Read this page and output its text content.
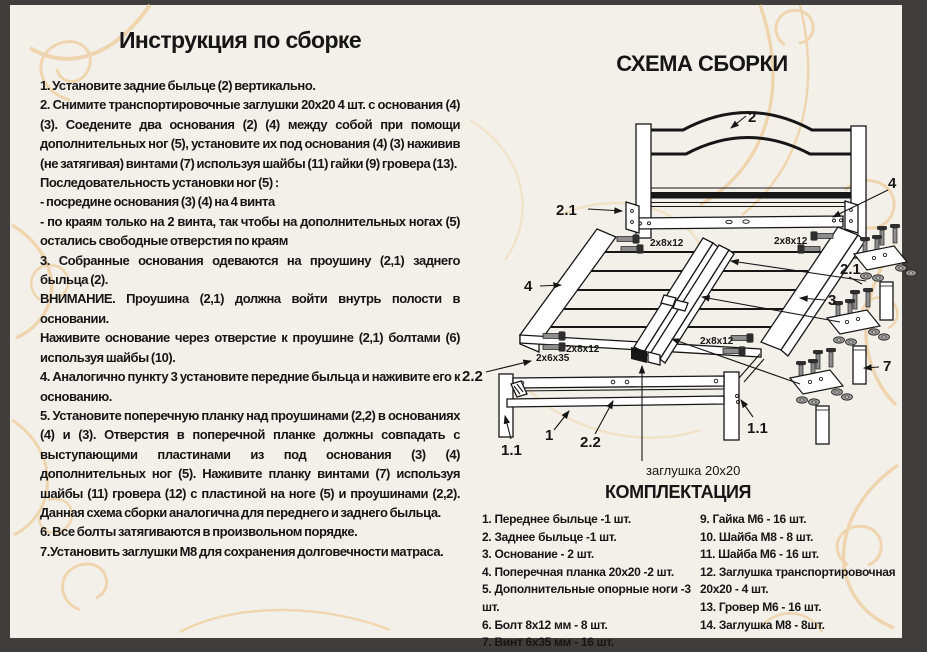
Инструкция по сборке

1. Установите задние быльце (2) вертикально.

2. Снимите транспортировочные заглушки 20х20 4 шт. с основания (4) (3). Соедените два основания (2) (4) между собой при помощи дополнительных ног (5), установите их под основания (4) (3) наживив (не затягивая) винтами (7) используя шайбы (11) гайки (9) гровера (13).

Последовательность установки ног (5) :

- посредине основания (3) (4) на 4 винта

- по краям только на 2 винта, так чтобы на дополнительных ногах (5) остались свободные отверстия по краям

3. Собранные основания одеваются на проушину (2,1) заднего быльца (2).

ВНИМАНИЕ. Проушина (2,1) должна войти внутрь полости в основании.

Наживите основание через отверстие к проушине (2,1) болтами (6) используя шайбы (10).

4. Аналогично пункту 3 установите передние быльца и наживите его к основанию.

5. Установите поперечную планку над проушинами (2,2) в основаниях (4) и (3). Отверстия в поперечной планке должны совпадать с выступающими пластинами из под основания (3) (4) дополнительных ног (5). Наживите планку винтами (7) используя шайбы (11) гровера (12) с пластиной на ноге (5) и проушинами (2,2). Данная схема сборки аналогична для переднего и заднего быльца.

6. Все болты затягиваются в произвольном порядке.

7.Установить заглушки М8 для сохранения долговечности матраса.

СХЕМА СБОРКИ
2
2.1
4
4
3
2.1
7
2.2
1.1
1 2.2
1.1
2x8x12	2x8x12
2x8x12
2x8x12
2x6x35
заглушка 20х20
КОМПЛЕКТАЦИЯ
1. Переднее быльце -1 шт.
2. Заднее быльце -1 шт.
3. Основание - 2 шт.
4. Поперечная планка 20х20 -2 шт.
5. Дополнительные опорные ноги -3 шт.
6. Болт 8х12 мм - 8 шт.
7. Винт 6х35 мм - 16 шт.
9. Гайка М6 - 16 шт.
10. Шайба М8 - 8 шт.
11. Шайба М6 - 16 шт.
12. Заглушка транспортировочная 20х20 - 4 шт.
13. Гровер М6 - 16 шт.
14. Заглушка М8 - 8шт.
